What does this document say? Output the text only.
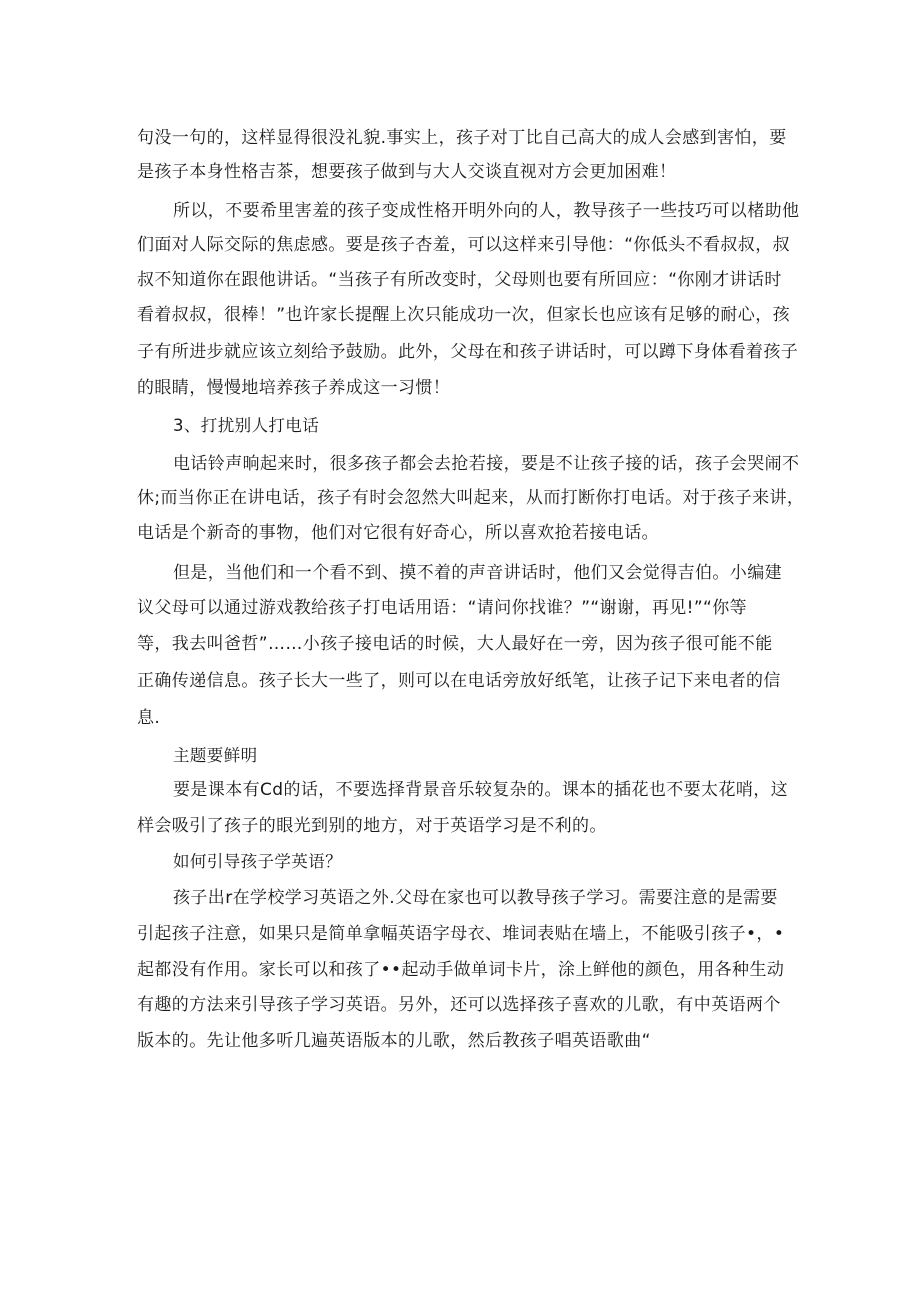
句没一句的，这样显得很没礼貌.事实上，孩子对丁比自己高大的成人会感到害怕，要
是孩子本身性格吉茶，想要孩子做到与大人交谈直视对方会更加困难！
所以，不要希里害羞的孩子变成性格开明外向的人，教导孩子一些技巧可以楮助他
们面对人际交际的焦虑感。要是孩子杏羞，可以这样来引导他：“你低头不看叔叔，叔
叔不知道你在跟他讲话。“当孩子有所改变时，父母则也要有所回应：“你刚才讲话时
看着叔叔，很棒！”也许家长提醒上次只能成功一次，但家长也应该有足够的耐心，孩
子有所进步就应该立刻给予鼓励。此外，父母在和孩子讲话时，可以蹲下身体看着孩子
的眼睛，慢慢地培养孩子养成这一习惯！
3、打扰别人打电话
电话铃声晌起来时，很多孩子都会去抢若接，要是不让孩子接的话，孩子会哭闹不
休;而当你正在讲电话，孩子有时会忽然大叫起来，从而打断你打电话。对于孩子来讲，
电话是个新奇的事物，他们对它很有好奇心，所以喜欢抢若接电话。
但是，当他们和一个看不到、摸不着的声音讲话时，他们又会觉得吉伯。小编建
议父母可以通过游戏教给孩子打电话用语：“请问你找谁？”“谢谢，再见!”“你等
等，我去叫爸哲”……小孩子接电话的时候，大人最好在一旁，因为孩子很可能不能
正确传递信息。孩子长大一些了，则可以在电话旁放好纸笔，让孩子记下来电者的信
息.
主题要鲜明
要是课本有Cd的话，不要选择背景音乐较复杂的。课本的插花也不要太花哨，这
样会吸引了孩子的眼光到别的地方，对于英语学习是不利的。
如何引导孩子学英语？
孩子出r在学校学习英语之外.父母在家也可以教导孩子学习。需要注意的是需要
引起孩子注意，如果只是简单拿幅英语字母衣、堆词表贴在墙上，不能吸引孩子•，•
起都没有作用。家长可以和孩了••起动手做单词卡片，涂上鲜他的颜色，用各种生动
有趣的方法来引导孩子学习英语。另外，还可以选择孩子喜欢的儿歌，有中英语两个
版本的。先让他多听几遍英语版本的儿歌，然后教孩子唱英语歌曲“
